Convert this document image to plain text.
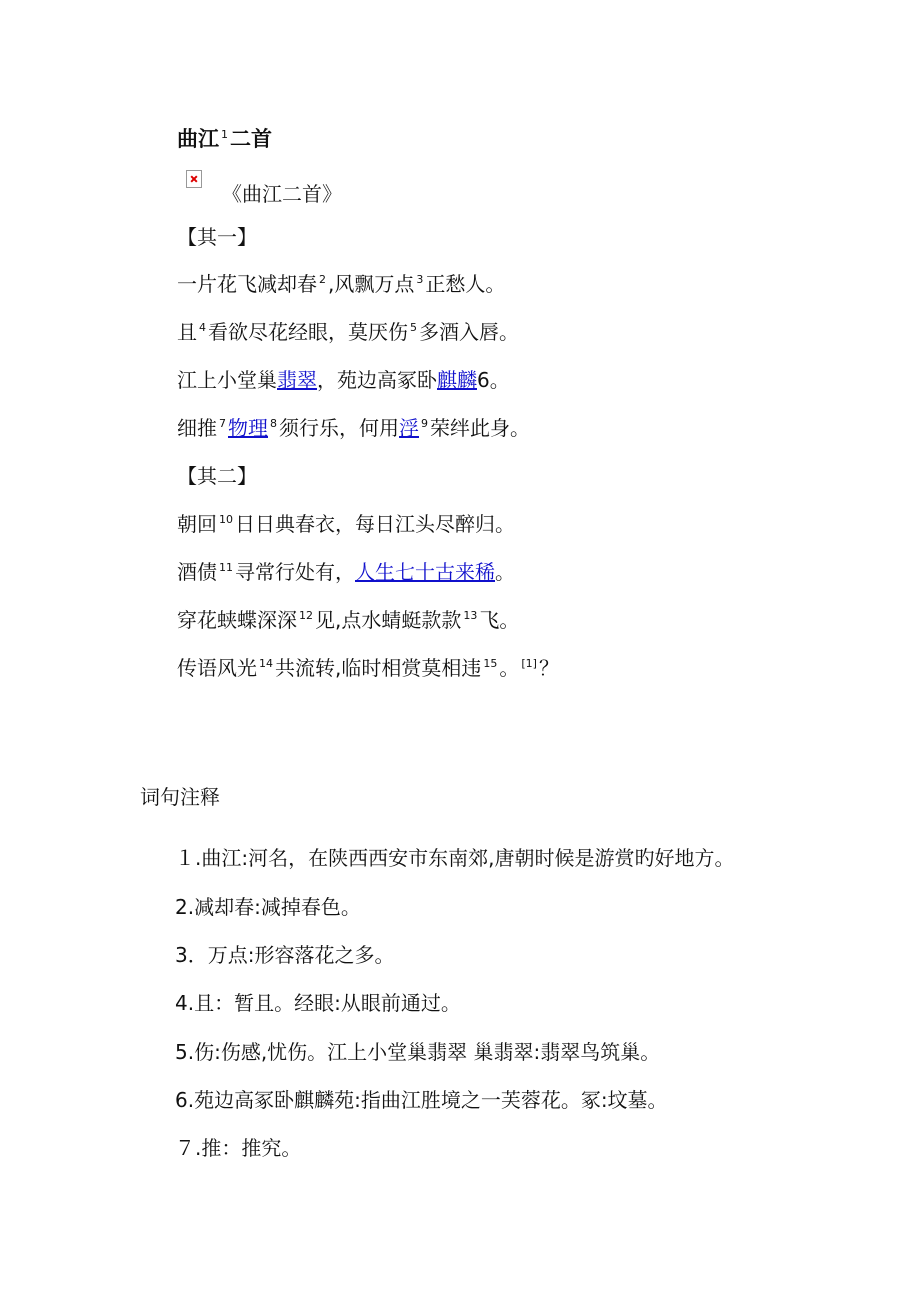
曲江 $^1$二首
《曲江二首》
【其一】
一片花飞减却春 $^2$ ,风飘万点 $^3$ 正愁人。
且 $^4$ 看欲尽花经眼，莫厌伤 $^5$ 多酒入唇。
江上小堂巢翡翠，苑边高冢卧麒麟6。
细推 $^7$ 物理 $^8$ 须行乐，何用浮 $^9$ 荣绊此身。
【其二】
朝回 $^{10}$ 日日典春衣，每日江头尽醉归。
酒债 $^{11}$ 寻常行处有，人生七十古来稀。
穿花蛱蝶深深 $^{12}$ 见,点水蜻蜓款款 $^{13}$ 飞。
传语风光 $^{14}$ 共流转,临时相赏莫相违 $^{15}$ 。 [1] ？
词句注释
１.曲江:河名，在陕西西安市东南郊,唐朝时候是游赏旳好地方。
2.减却春:减掉春色。
3．万点:形容落花之多。
4.且：暂且。经眼:从眼前通过。
5.伤:伤感,忧伤。江上小堂巢翡翠 巢翡翠:翡翠鸟筑巢。
6.苑边高冢卧麒麟苑:指曲江胜境之一芙蓉花。冢:坟墓。
７.推：推究。
